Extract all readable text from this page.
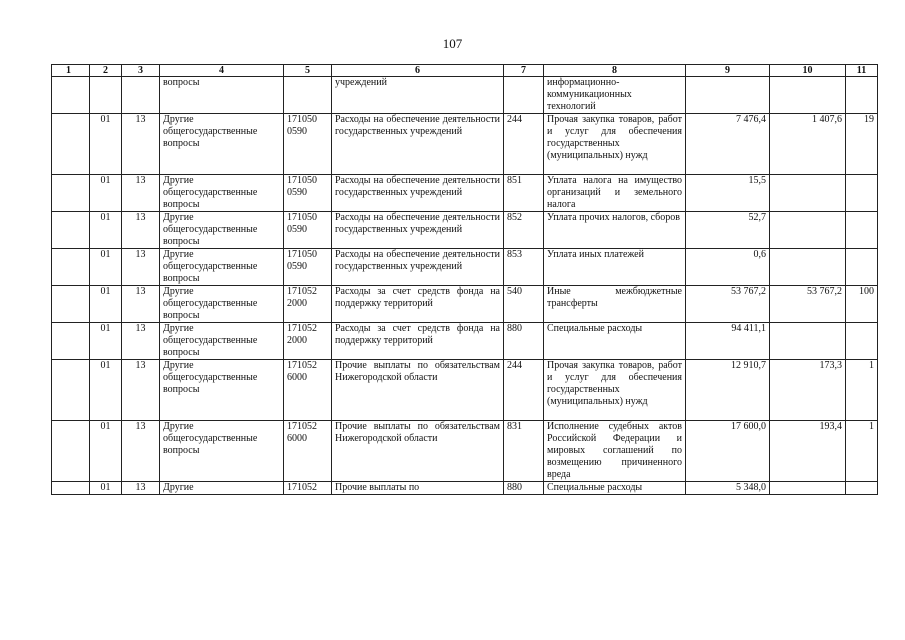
107
1	2	3	4	5	6	7	8	9	10	11
			вопросы		учреждений		информационно-коммуникационных технологий			
	01	13	Другие общегосударственные вопросы	171050 0590	Расходы на обеспечение деятельности государственных учреждений	244	Прочая закупка товаров, работ и услуг для обеспечения государственных (муниципальных) нужд	7 476,4	1 407,6	19
	01	13	Другие общегосударственные вопросы	171050 0590	Расходы на обеспечение деятельности государственных учреждений	851	Уплата налога на имущество организаций и земельного налога	15,5		
	01	13	Другие общегосударственные вопросы	171050 0590	Расходы на обеспечение деятельности государственных учреждений	852	Уплата прочих налогов, сборов	52,7		
	01	13	Другие общегосударственные вопросы	171050 0590	Расходы на обеспечение деятельности государственных учреждений	853	Уплата иных платежей	0,6		
	01	13	Другие общегосударственные вопросы	171052 2000	Расходы за счет средств фонда на поддержку территорий	540	Иные межбюджетные трансферты	53 767,2	53 767,2	100
	01	13	Другие общегосударственные вопросы	171052 2000	Расходы за счет средств фонда на поддержку территорий	880	Специальные расходы	94 411,1		
	01	13	Другие общегосударственные вопросы	171052 6000	Прочие выплаты по обязательствам Нижегородской области	244	Прочая закупка товаров, работ и услуг для обеспечения государственных (муниципальных) нужд	12 910,7	173,3	1
	01	13	Другие общегосударственные вопросы	171052 6000	Прочие выплаты по обязательствам Нижегородской области	831	Исполнение судебных актов Российской Федерации и мировых соглашений по возмещению причиненного вреда	17 600,0	193,4	1
	01	13	Другие	171052	Прочие выплаты по	880	Специальные расходы	5 348,0		
